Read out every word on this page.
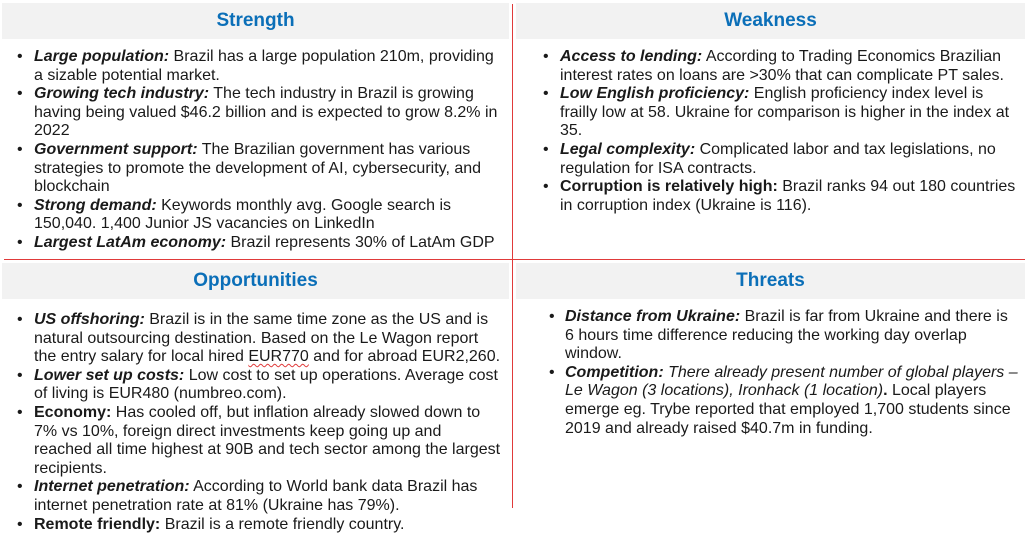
Strength
• Large population: Brazil has a large population 210m, providing a sizable potential market.
• Growing tech industry: The tech industry in Brazil is growing having being valued $46.2 billion and is expected to grow 8.2% in 2022
• Government support: The Brazilian government has various strategies to promote the development of AI, cybersecurity, and blockchain
• Strong demand: Keywords monthly avg. Google search is 150,040. 1,400 Junior JS vacancies on LinkedIn
• Largest LatAm economy: Brazil represents 30% of LatAm GDP
Weakness
• Access to lending: According to Trading Economics Brazilian interest rates on loans are >30% that can complicate PT sales.
• Low English proficiency: English proficiency index level is frailly low at 58. Ukraine for comparison is higher in the index at 35.
• Legal complexity: Complicated labor and tax legislations, no regulation for ISA contracts.
• Corruption is relatively high: Brazil ranks 94 out 180 countries in corruption index (Ukraine is 116).
Opportunities
• US offshoring: Brazil is in the same time zone as the US and is natural outsourcing destination. Based on the Le Wagon report the entry salary for local hired EUR770 and for abroad EUR2,260.
• Lower set up costs: Low cost to set up operations. Average cost of living is EUR480 (numbreo.com).
• Economy: Has cooled off, but inflation already slowed down to 7% vs 10%, foreign direct investments keep going up and reached all time highest at 90B and tech sector among the largest recipients.
• Internet penetration: According to World bank data Brazil has internet penetration rate at 81% (Ukraine has 79%).
• Remote friendly: Brazil is a remote friendly country.
Threats
• Distance from Ukraine: Brazil is far from Ukraine and there is 6 hours time difference reducing the working day overlap window.
• Competition: There already present number of global players – Le Wagon (3 locations), Ironhack (1 location). Local players emerge eg. Trybe reported that employed 1,700 students since 2019 and already raised $40.7m in funding.
